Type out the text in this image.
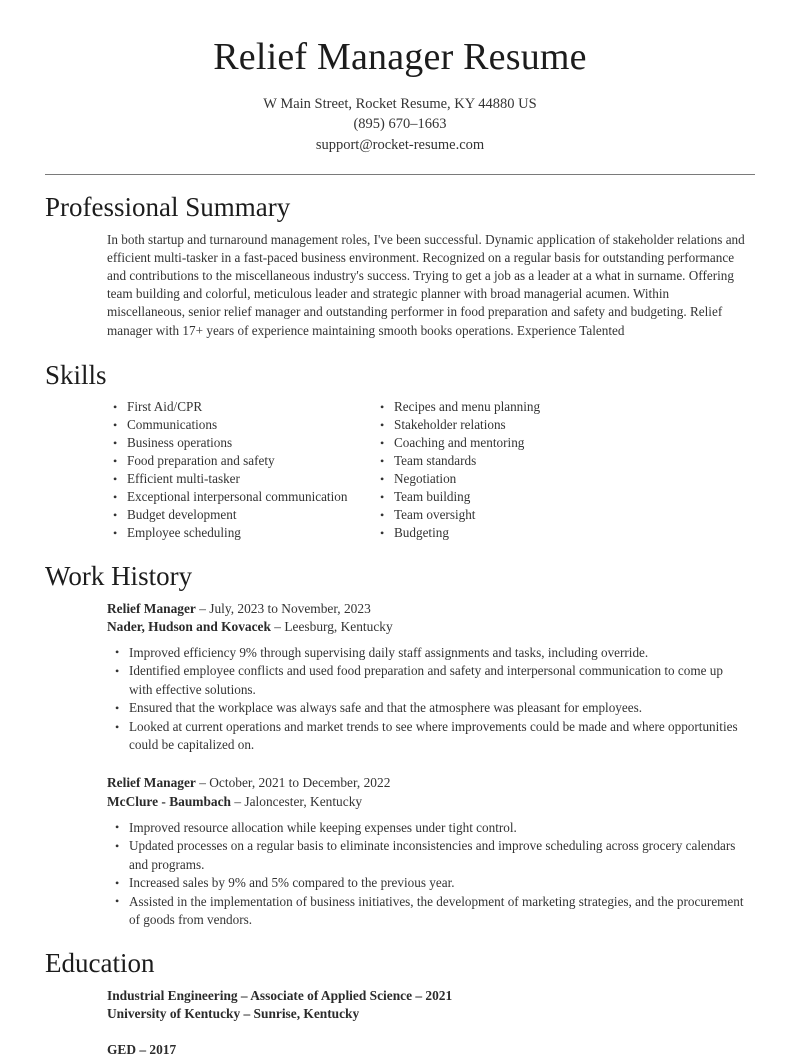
Relief Manager Resume
W Main Street, Rocket Resume, KY 44880 US
(895) 670–1663
support@rocket-resume.com
Professional Summary

In both startup and turnaround management roles, I've been successful. Dynamic application of stakeholder relations and efficient multi-tasker in a fast-paced business environment. Recognized on a regular basis for outstanding performance and contributions to the miscellaneous industry's success. Trying to get a job as a leader at a what in surname. Offering team building and colorful, meticulous leader and strategic planner with broad managerial acumen. Within miscellaneous, senior relief manager and outstanding performer in food preparation and safety and budgeting. Relief manager with 17+ years of experience maintaining smooth books operations. Experience Talented

Skills
• First Aid/CPR
• Communications
• Business operations
• Food preparation and safety
• Efficient multi-tasker
• Exceptional interpersonal communication
• Budget development
• Employee scheduling
• Recipes and menu planning
• Stakeholder relations
• Coaching and mentoring
• Team standards
• Negotiation
• Team building
• Team oversight
• Budgeting
Work History
Relief Manager – July, 2023 to November, 2023
Nader, Hudson and Kovacek – Leesburg, Kentucky
• Improved efficiency 9% through supervising daily staff assignments and tasks, including override.
• Identified employee conflicts and used food preparation and safety and interpersonal communication to come up with effective solutions.
• Ensured that the workplace was always safe and that the atmosphere was pleasant for employees.
• Looked at current operations and market trends to see where improvements could be made and where opportunities could be capitalized on.
Relief Manager – October, 2021 to December, 2022
McClure - Baumbach – Jaloncester, Kentucky
• Improved resource allocation while keeping expenses under tight control.
• Updated processes on a regular basis to eliminate inconsistencies and improve scheduling across grocery calendars and programs.
• Increased sales by 9% and 5% compared to the previous year.
• Assisted in the implementation of business initiatives, the development of marketing strategies, and the procurement of goods from vendors.
Education
Industrial Engineering – Associate of Applied Science – 2021
University of Kentucky – Sunrise, Kentucky
GED – 2017
